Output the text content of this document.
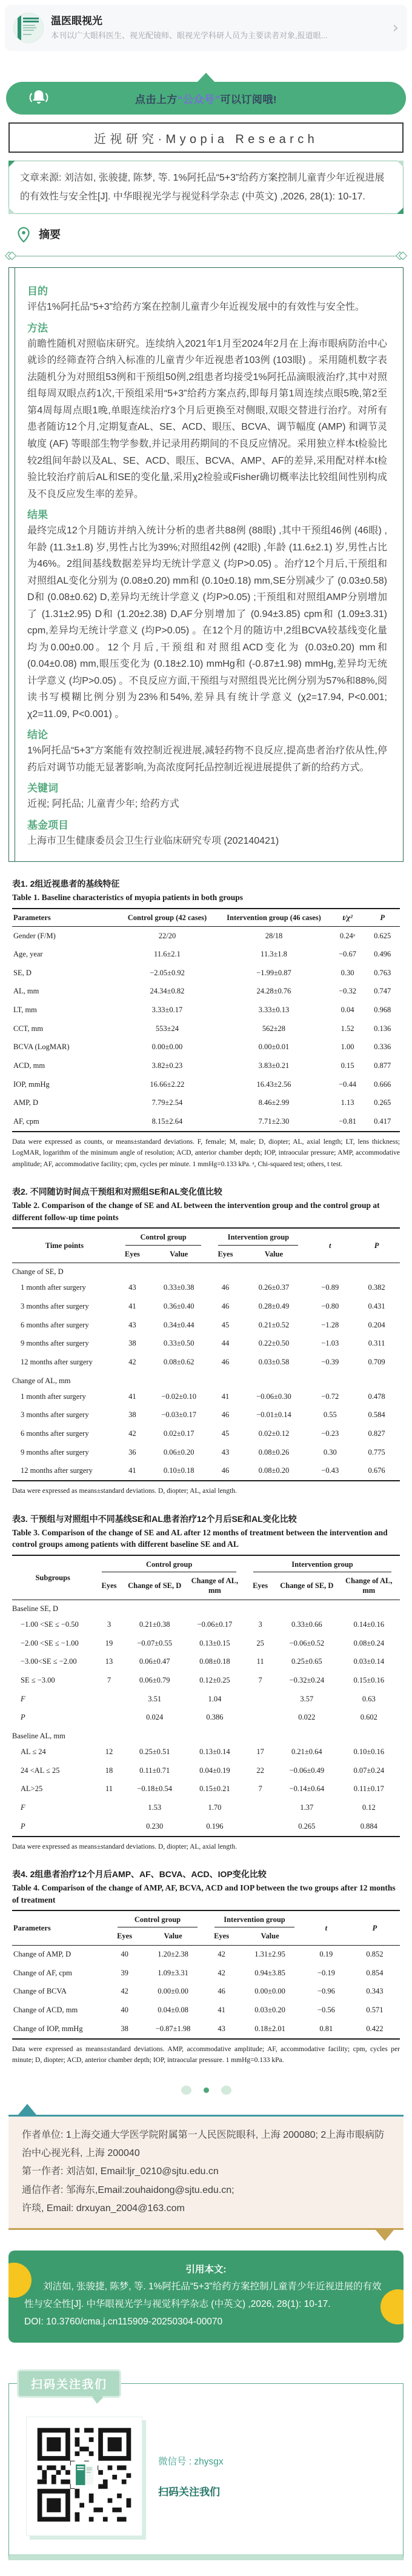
温医眼视光
本刊以广大眼科医生、视光配镜师、眼视光学科研人员为主要读者对象,报道眼...	›
点击上方“公众号”可以订阅哦!
近视研究·Myopia Research

文章来源: 刘洁如, 张骏捷, 陈梦, 等. 1%阿托品“5+3”给药方案控制儿童青少年近视进展的有效性与安全性[J]. 中华眼视光学与视觉科学杂志 (中英文) ,2026, 28(1): 10-17.

摘要
目的

评估1%阿托品“5+3”给药方案在控制儿童青少年近视发展中的有效性与安全性。

方法

前瞻性随机对照临床研究。连续纳入2021年1月至2024年2月在上海市眼病防治中心就诊的经筛查符合纳入标准的儿童青少年近视患者103例 (103眼) 。采用随机数字表法随机分为对照组53例和干预组50例,2组患者均接受1%阿托品滴眼液治疗,其中对照组每周双眼点药1次,干预组采用“5+3”给药方案点药,即每月第1周连续点眼5晚,第2至第4周每周点眼1晚,单眼连续治疗3个月后更换至对侧眼,双眼交替进行治疗。对所有患者随访12个月,定期复查AL、SE、ACD、眼压、BCVA、调节幅度 (AMP) 和调节灵敏度 (AF) 等眼部生物学参数,并记录用药期间的不良反应情况。采用独立样本t检验比较2组间年龄以及AL、SE、ACD、眼压、BCVA、AMP、AF的差异,采用配对样本t检验比较治疗前后AL和SE的变化量,采用χ2检验或Fisher确切概率法比较组间性别构成及不良反应发生率的差异。

结果

最终完成12个月随访并纳入统计分析的患者共88例 (88眼) ,其中干预组46例 (46眼) ,年龄 (11.3±1.8) 岁,男性占比为39%;对照组42例 (42眼) ,年龄 (11.6±2.1) 岁,男性占比为46%。2组间基线数据差异均无统计学意义 (均P>0.05) 。治疗12个月后,干预组和对照组AL变化分别为 (0.08±0.20) mm和 (0.10±0.18) mm,SE分别减少了 (0.03±0.58) D和 (0.08±0.62) D,差异均无统计学意义 (均P>0.05) ;干预组和对照组AMP分别增加了 (1.31±2.95) D和 (1.20±2.38) D,AF分别增加了 (0.94±3.85) cpm和 (1.09±3.31) cpm,差异均无统计学意义 (均P>0.05) 。在12个月的随访中,2组BCVA较基线变化量均为0.00±0.00。12个月后,干预组和对照组ACD变化为 (0.03±0.20) mm和 (0.04±0.08) mm,眼压变化为 (0.18±2.10) mmHg和 (-0.87±1.98) mmHg,差异均无统计学意义 (均P>0.05) 。不良反应方面,干预组与对照组畏光比例分别为57%和88%,阅读书写模糊比例分别为23%和54%,差异具有统计学意义 (χ2=17.94, P<0.001; χ2=11.09, P<0.001) 。

结论

1%阿托品“5+3”方案能有效控制近视进展,减轻药物不良反应,提高患者治疗依从性,停药后对调节功能无显著影响,为高浓度阿托品控制近视进展提供了新的给药方式。

关键词

近视; 阿托品; 儿童青少年; 给药方式

基金项目

上海市卫生健康委员会卫生行业临床研究专项 (202140421)

表1. 2组近视患者的基线特征
Table 1. Baseline characteristics of myopia patients in both groups
Parameters	Control group (42 cases)	Intervention group (46 cases)	t/χ²	P
Gender (F/M)	22/20	28/18	0.24ᵃ	0.625
Age, year	11.6±2.1	11.3±1.8	−0.67	0.496
SE, D	−2.05±0.92	−1.99±0.87	0.30	0.763
AL, mm	24.34±0.82	24.28±0.76	−0.32	0.747
LT, mm	3.33±0.17	3.33±0.13	0.04	0.968
CCT, mm	553±24	562±28	1.52	0.136
BCVA (LogMAR)	0.00±0.00	0.00±0.01	1.00	0.336
ACD, mm	3.82±0.23	3.83±0.21	0.15	0.877
IOP, mmHg	16.66±2.22	16.43±2.56	−0.44	0.666
AMP, D	7.79±2.54	8.46±2.99	1.13	0.265
AF, cpm	8.15±2.64	7.71±2.30	−0.81	0.417
Data were expressed as counts, or means±standard deviations. F, female; M, male; D, diopter; AL, axial length; LT, lens thickness; LogMAR, logarithm of the minimum angle of resolution; ACD, anterior chamber depth; IOP, intraocular pressure; AMP, accommodative amplitude; AF, accommodative facility; cpm, cycles per minute. 1 mmHg=0.133 kPa. ᵃ, Chi-squared test; others, t test.
表2. 不同随访时间点干预组和对照组SE和AL变化值比较
Table 2. Comparison of the change of SE and AL between the intervention group and the control group at different follow-up time points
Time points	Control group		Intervention group		t	P
	Eyes	Value	Eyes	Value		
Change of SE, D						
1 month after surgery	43	0.33±0.38	46	0.26±0.37	−0.89	0.382
3 months after surgery	41	0.36±0.40	46	0.28±0.49	−0.80	0.431
6 months after surgery	43	0.34±0.44	45	0.21±0.52	−1.28	0.204
9 months after surgery	38	0.33±0.50	44	0.22±0.50	−1.03	0.311
12 months after surgery	42	0.08±0.62	46	0.03±0.58	−0.39	0.709
Change of AL, mm						
1 month after surgery	41	−0.02±0.10	41	−0.06±0.30	−0.72	0.478
3 months after surgery	38	−0.03±0.17	46	−0.01±0.14	0.55	0.584
6 months after surgery	42	0.02±0.17	45	0.02±0.12	−0.23	0.827
9 months after surgery	36	0.06±0.20	43	0.08±0.26	0.30	0.775
12 months after surgery	41	0.10±0.18	46	0.08±0.20	−0.43	0.676
Data were expressed as means±standard deviations. D, diopter; AL, axial length.
表3. 干预组与对照组中不同基线SE和AL患者治疗12个月后SE和AL变化比较
Table 3. Comparison of the change of SE and AL after 12 months of treatment between the intervention and control groups among patients with different baseline SE and AL
Subgroups	Control group			Intervention group		

	Eyes	Change of SE, D	Change of AL, mm	Eyes	Change of SE, D	Change of AL, mm
Baseline SE, D						
−1.00 <SE ≤ −0.50	3	0.21±0.38	−0.06±0.17	3	0.33±0.66	0.14±0.16
−2.00 <SE ≤ −1.00	19	−0.07±0.55	0.13±0.15	25	−0.06±0.52	0.08±0.24
−3.00<SE ≤ −2.00	13	0.06±0.47	0.08±0.18	11	0.25±0.65	0.03±0.14
SE ≤ −3.00	7	0.06±0.79	0.12±0.25	7	−0.32±0.24	0.15±0.16
F		3.51	1.04		3.57	0.63
P		0.024	0.386		0.022	0.602
Baseline AL, mm						
AL ≤ 24	12	0.25±0.51	0.13±0.14	17	0.21±0.64	0.10±0.16
24 <AL ≤ 25	18	0.11±0.71	0.04±0.19	22	−0.06±0.49	0.07±0.24
AL>25	11	−0.18±0.54	0.15±0.21	7	−0.14±0.64	0.11±0.17
F		1.53	1.70		1.37	0.12
P		0.230	0.196		0.265	0.884
Data were expressed as means±standard deviations. D, diopter; AL, axial length.
表4. 2组患者治疗12个月后AMP、AF、BCVA、ACD、IOP变化比较
Table 4. Comparison of the change of AMP, AF, BCVA, ACD and IOP between the two groups after 12 months of treatment
Parameters	Control group		Intervention group		t	P
	Eyes	Value	Eyes	Value		
Change of AMP, D	40	1.20±2.38	42	1.31±2.95	0.19	0.852
Change of AF, cpm	39	1.09±3.31	42	0.94±3.85	−0.19	0.854
Change of BCVA	42	0.00±0.00	46	0.00±0.00	−0.96	0.343
Change of ACD, mm	40	0.04±0.08	41	0.03±0.20	−0.56	0.571
Change of IOP, mmHg	38	−0.87±1.98	43	0.18±2.01	0.81	0.422
Data were expressed as means±standard deviations. AMP, accommodative amplitude; AF, accommodative facility; cpm, cycles per minute; D, diopter; ACD, anterior chamber depth; IOP, intraocular pressure. 1 mmHg=0.133 kPa.

作者单位: 1上海交通大学医学院附属第一人民医院眼科, 上海 200080; 2上海市眼病防治中心视光科, 上海 200040

第一作者: 刘洁如, Email:ljr_0210@sjtu.edu.cn

通信作者: 邹海东,Email:zouhaidong@sjtu.edu.cn;

许琰, Email: drxuyan_2004@163.com

引用本文:

刘洁如, 张骏捷, 陈梦, 等. 1%阿托品“5+3”给药方案控制儿童青少年近视进展的有效性与安全性[J]. 中华眼视光学与视觉科学杂志 (中英文) ,2026, 28(1): 10-17.

DOI: 10.3760/cma.j.cn115909-20250304-00070

扫码关注我们
微信号 : zhysgx
扫码关注我们
